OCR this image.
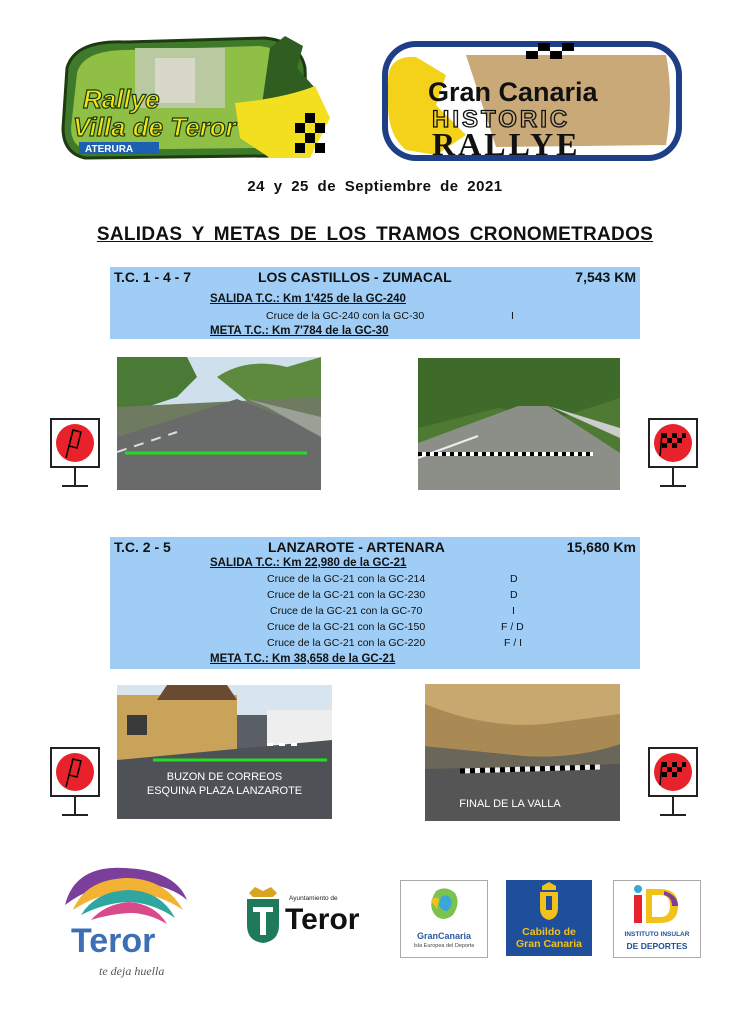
Rallye
Villa de Teror
ATERURA
Gran Canaria
HISTORIC
RALLYE
24 y 25 de Septiembre de 2021
SALIDAS Y METAS DE LOS TRAMOS CRONOMETRADOS
T.C. 1 - 4 - 7	LOS CASTILLOS - ZUMACAL	7,543 KM
SALIDA T.C.: Km 1'425 de la GC-240
Cruce de la GC-240 con la GC-30	I
META T.C.: Km 7'784 de la GC-30
T.C. 2 - 5	LANZAROTE - ARTENARA	15,680 Km
SALIDA T.C.: Km 22,980 de la GC-21
Cruce de la GC-21 con la GC-214	D
Cruce de la GC-21 con la GC-230	D
Cruce de la GC-21 con la GC-70	I
Cruce de la GC-21 con la GC-150	F / D
Cruce de la GC-21 con la GC-220	F / I
META T.C.: Km 38,658 de la GC-21
BUZON DE CORREOS
ESQUINA PLAZA LANZAROTE
FINAL DE LA VALLA
Teror
te deja huella
Ayuntamiento de
Teror	GranCanaria
Isla Europea del Deporte
Cabildo de
Gran Canaria
INSTITUTO INSULAR
DE DEPORTES
